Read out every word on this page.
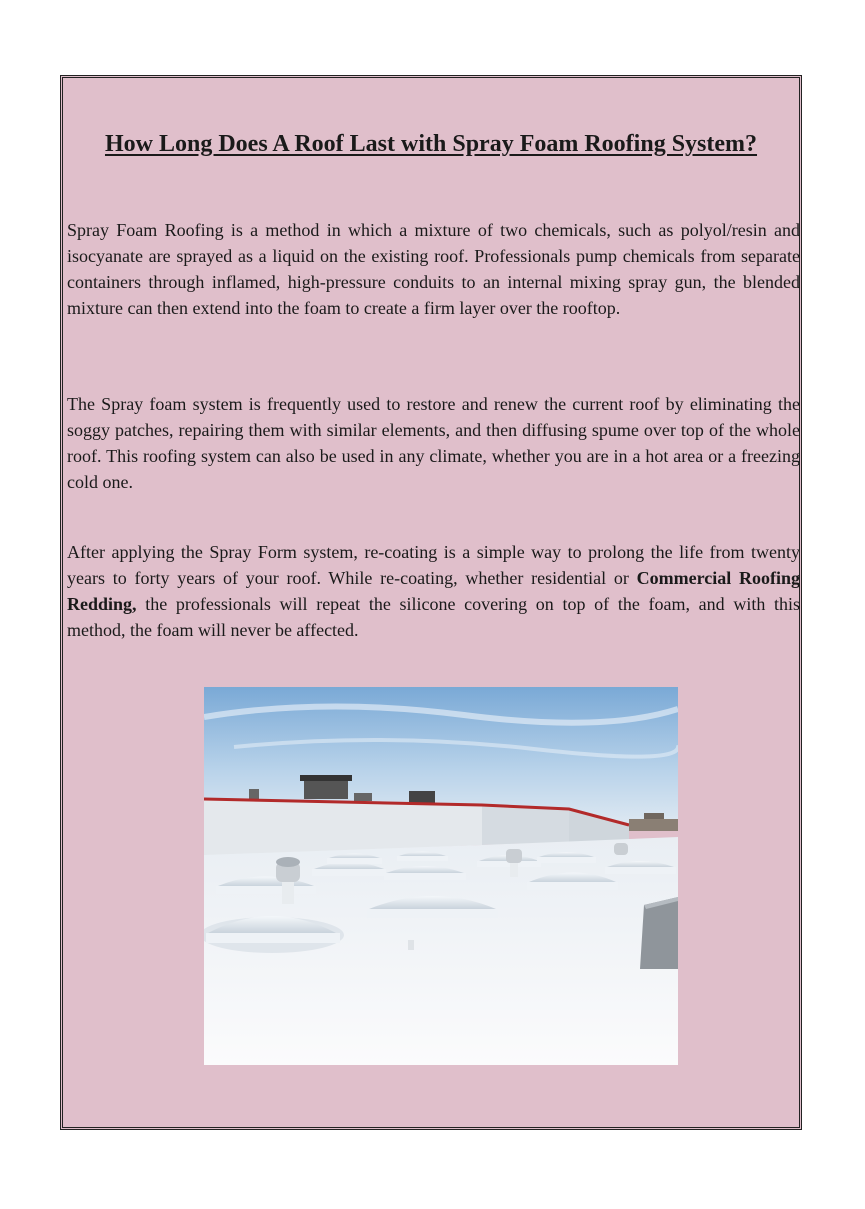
How Long Does A Roof Last with Spray Foam Roofing System?

Spray Foam Roofing is a method in which a mixture of two chemicals, such as polyol/resin and isocyanate are sprayed as a liquid on the existing roof. Professionals pump chemicals from separate containers through inflamed, high-pressure conduits to an internal mixing spray gun, the blended mixture can then extend into the foam to create a firm layer over the rooftop.

The Spray foam system is frequently used to restore and renew the current roof by eliminating the soggy patches, repairing them with similar elements, and then diffusing spume over top of the whole roof. This roofing system can also be used in any climate, whether you are in a hot area or a freezing cold one.

After applying the Spray Form system, re-coating is a simple way to prolong the life from twenty years to forty years of your roof. While re-coating, whether residential or Commercial Roofing Redding, the professionals will repeat the silicone covering on top of the foam, and with this method, the foam will never be affected.
